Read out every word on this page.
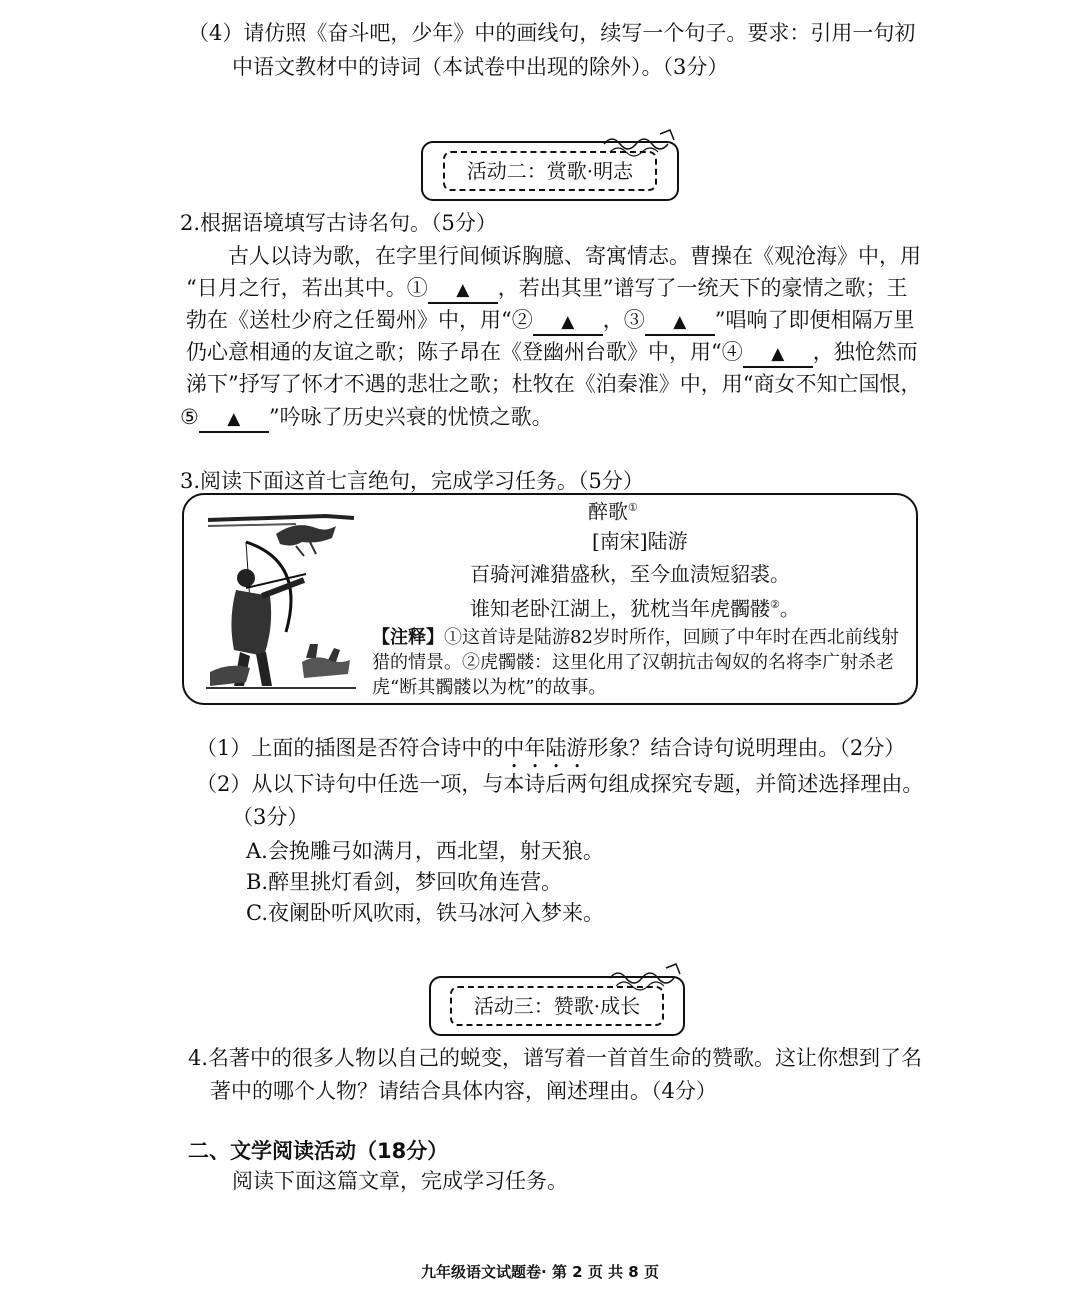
（4）请仿照《奋斗吧，少年》中的画线句，续写一个句子。要求：引用一句初
中语文教材中的诗词（本试卷中出现的除外）。（3分）
活动二：赏歌·明志
2.根据语境填写古诗名句。（5分）
古人以诗为歌，在字里行间倾诉胸臆、寄寓情志。曹操在《观沧海》中，用
“日月之行，若出其中。① ▲ ，若出其里”谱写了一统天下的豪情之歌；王
勃在《送杜少府之任蜀州》中，用“② ▲ ，③ ▲ ”唱响了即便相隔万里
仍心意相通的友谊之歌；陈子昂在《登幽州台歌》中，用“④ ▲ ，独怆然而
涕下”抒写了怀才不遇的悲壮之歌；杜牧在《泊秦淮》中，用“商女不知亡国恨，
⑤ ▲ ”吟咏了历史兴衰的忧愤之歌。
3.阅读下面这首七言绝句，完成学习任务。（5分）
醉歌①
[南宋]陆游
百骑河滩猎盛秋，至今血渍短貂裘。
谁知老卧江湖上，犹枕当年虎髑髅②。
【注释】①这首诗是陆游82岁时所作，回顾了中年时在西北前线射
猎的情景。②虎髑髅：这里化用了汉朝抗击匈奴的名将李广射杀老
虎“断其髑髅以为枕”的故事。
（1）上面的插图是否符合诗中的中年陆游形象？结合诗句说明理由。（2分）
（2）从以下诗句中任选一项，与本诗后两句组成探究专题，并简述选择理由。
（3分）
A.会挽雕弓如满月，西北望，射天狼。
B.醉里挑灯看剑，梦回吹角连营。
C.夜阑卧听风吹雨，铁马冰河入梦来。
活动三：赞歌·成长
4.名著中的很多人物以自己的蜕变，谱写着一首首生命的赞歌。这让你想到了名
著中的哪个人物？请结合具体内容，阐述理由。（4分）
二、文学阅读活动（18分）
阅读下面这篇文章，完成学习任务。
九年级语文试题卷· 第 2 页 共 8 页
